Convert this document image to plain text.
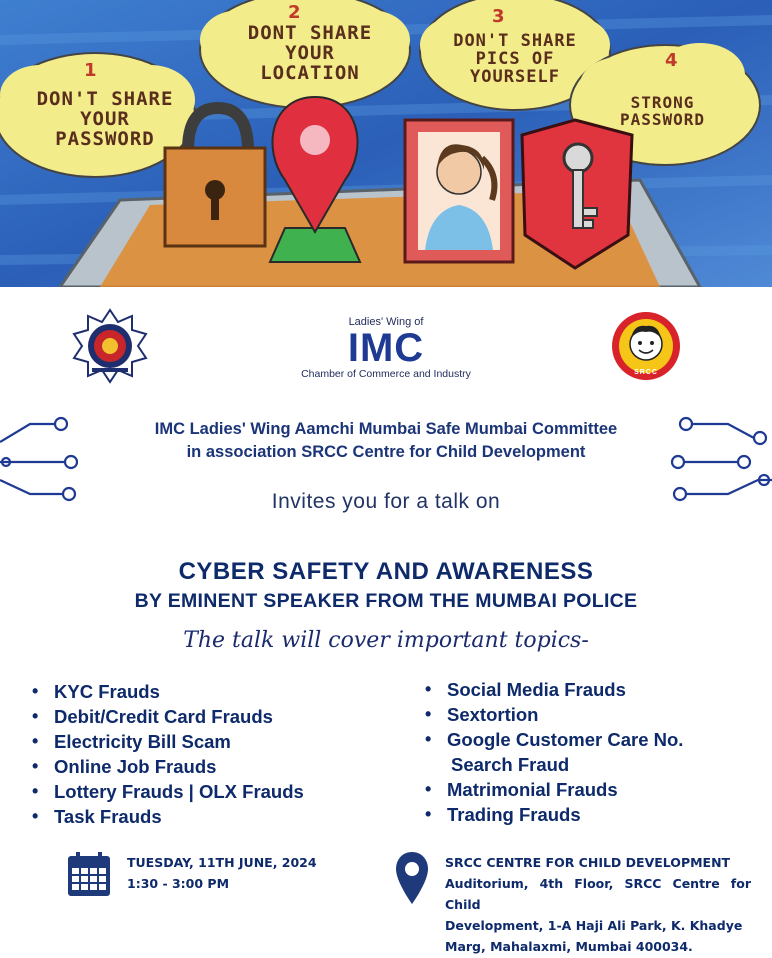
1
DON'T SHARE
YOUR
PASSWORD
2
DONT SHARE
YOUR
LOCATION
3
DON'T SHARE
PICS OF
YOURSELF
4
STRONG
PASSWORD
Ladies' Wing of
IMC
Chamber of Commerce and Industry	SRCC
IMC Ladies' Wing Aamchi Mumbai Safe Mumbai Committee
in association SRCC Centre for Child Development
Invites you for a talk on
CYBER SAFETY AND AWARENESS
BY EMINENT SPEAKER FROM THE MUMBAI POLICE
The talk will cover important topics-
• KYC Frauds
• Debit/Credit Card Frauds
• Electricity Bill Scam
• Online Job Frauds
• Lottery Frauds | OLX Frauds
• Task Frauds
• Social Media Frauds
• Sextortion
• Google Customer Care No.
Search Fraud
• Matrimonial Frauds
• Trading Frauds
TUESDAY, 11TH JUNE, 2024
1:30 - 3:00 PM
SRCC CENTRE FOR CHILD DEVELOPMENT
Auditorium, 4th Floor, SRCC Centre for Child
Development, 1-A Haji Ali Park, K. Khadye
Marg, Mahalaxmi, Mumbai 400034.
